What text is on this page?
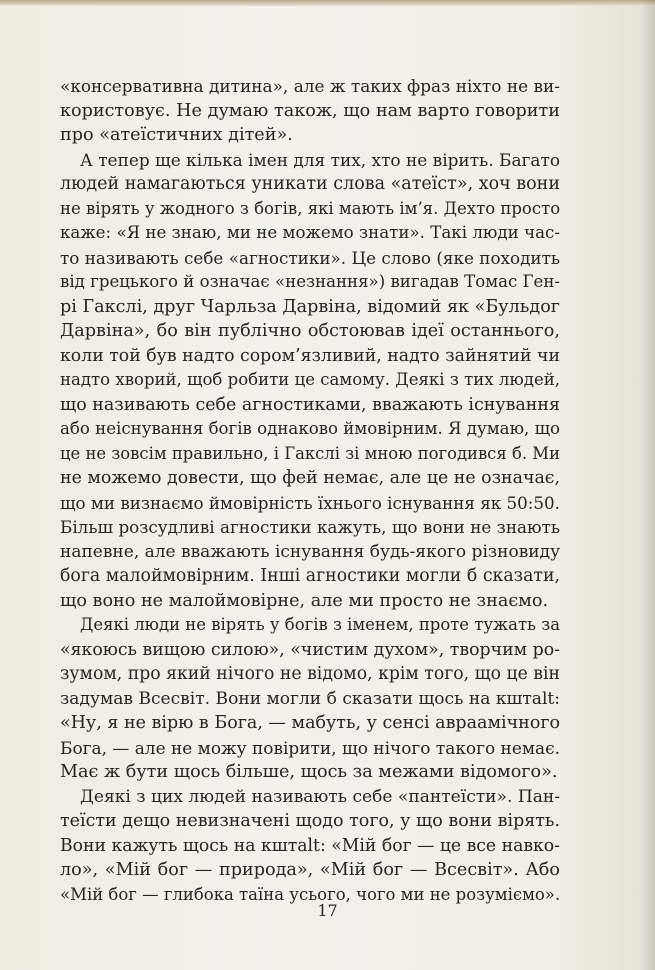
«консервативна дитина», але ж таких фраз ніхто не ви-
користовує. Не думаю також, що нам варто говорити
про «атеїстичних дітей».
А тепер ще кілька імен для тих, хто не вірить. Багато
людей намагаються уникати слова «атеїст», хоч вони
не вірять у жодного з богів, які мають ім’я. Дехто просто
каже: «Я не знаю, ми не можемо знати». Такі люди час-
то називають себе «агностики». Це слово (яке походить
від грецького й означає «незнання») вигадав Томас Ген-
рі Гакслі, друг Чарльза Дарвіна, відомий як «Бульдог
Дарвіна», бо він публічно обстоював ідеї останнього,
коли той був надто сором’язливий, надто зайнятий чи
надто хворий, щоб робити це самому. Деякі з тих людей,
що називають себе агностиками, вважають існування
або неіснування богів однаково ймовірним. Я думаю, що
це не зовсім правильно, і Гакслі зі мною погодився б. Ми
не можемо довести, що фей немає, але це не означає,
що ми визнаємо ймовірність їхнього існування як 50:50.
Більш розсудливі агностики кажуть, що вони не знають
напевне, але вважають існування будь-якого різновиду
бога малоймовірним. Інші агностики могли б сказати,
що воно не малоймовірне, але ми просто не знаємо.
Деякі люди не вірять у богів з іменем, проте тужать за
«якоюсь вищою силою», «чистим духом», творчим ро-
зумом, про який нічого не відомо, крім того, що це він
задумав Всесвіт. Вони могли б сказати щось на кштalt:
«Ну, я не вірю в Бога, — мабуть, у сенсі авраамічного
Бога, — але не можу повірити, що нічого такого немає.
Має ж бути щось більше, щось за межами відомого».
Деякі з цих людей називають себе «пантеїсти». Пан-
теїсти дещо невизначені щодо того, у що вони вірять.
Вони кажуть щось на кштalt: «Мій бог — це все навко-
ло», «Мій бог — природа», «Мій бог — Всесвіт». Або
«Мій бог — глибока таїна усього, чого ми не розуміємо».
17
